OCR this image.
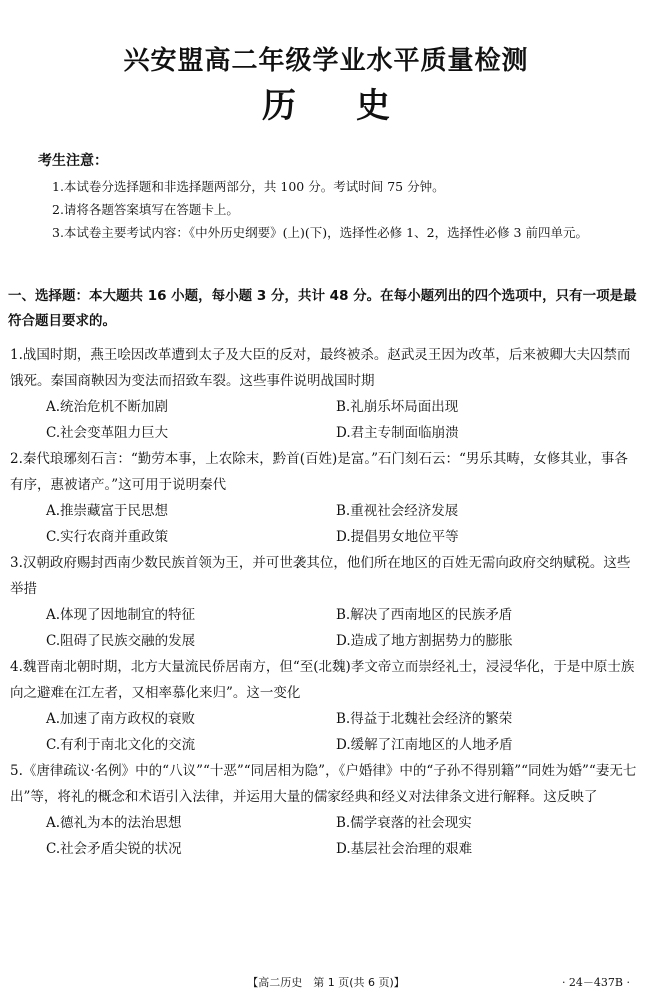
兴安盟高二年级学业水平质量检测
历史
考生注意：
1.本试卷分选择题和非选择题两部分，共 100 分。考试时间 75 分钟。
2.请将各题答案填写在答题卡上。
3.本试卷主要考试内容：《中外历史纲要》(上)(下)，选择性必修 1、2，选择性必修 3 前四单元。
一、选择题：本大题共 16 小题，每小题 3 分，共计 48 分。在每小题列出的四个选项中，只有一项是最符合题目要求的。
1.战国时期，燕王哙因改革遭到太子及大臣的反对，最终被杀。赵武灵王因为改革，后来被卿大夫囚禁而饿死。秦国商鞅因为变法而招致车裂。这些事件说明战国时期
A.统治危机不断加剧	B.礼崩乐坏局面出现
C.社会变革阻力巨大	D.君主专制面临崩溃
2.秦代琅琊刻石言：“勤劳本事，上农除末，黔首(百姓)是富。”石门刻石云：“男乐其畴，女修其业，事各有序，惠被诸产。”这可用于说明秦代
A.推崇藏富于民思想	B.重视社会经济发展
C.实行农商并重政策	D.提倡男女地位平等
3.汉朝政府赐封西南少数民族首领为王，并可世袭其位，他们所在地区的百姓无需向政府交纳赋税。这些举措
A.体现了因地制宜的特征	B.解决了西南地区的民族矛盾
C.阻碍了民族交融的发展	D.造成了地方割据势力的膨胀
4.魏晋南北朝时期，北方大量流民侨居南方，但“至(北魏)孝文帝立而崇经礼士，浸浸华化，于是中原士族向之避难在江左者，又相率慕化来归”。这一变化
A.加速了南方政权的衰败	B.得益于北魏社会经济的繁荣
C.有利于南北文化的交流	D.缓解了江南地区的人地矛盾
5.《唐律疏议·名例》中的“八议”“十恶”“同居相为隐”，《户婚律》中的“子孙不得别籍”“同姓为婚”“妻无七出”等，将礼的概念和术语引入法律，并运用大量的儒家经典和经义对法律条文进行解释。这反映了
A.德礼为本的法治思想	B.儒学衰落的社会现实
C.社会矛盾尖锐的状况	D.基层社会治理的艰难
【高二历史　第 1 页(共 6 页)】	· 24－437B ·
